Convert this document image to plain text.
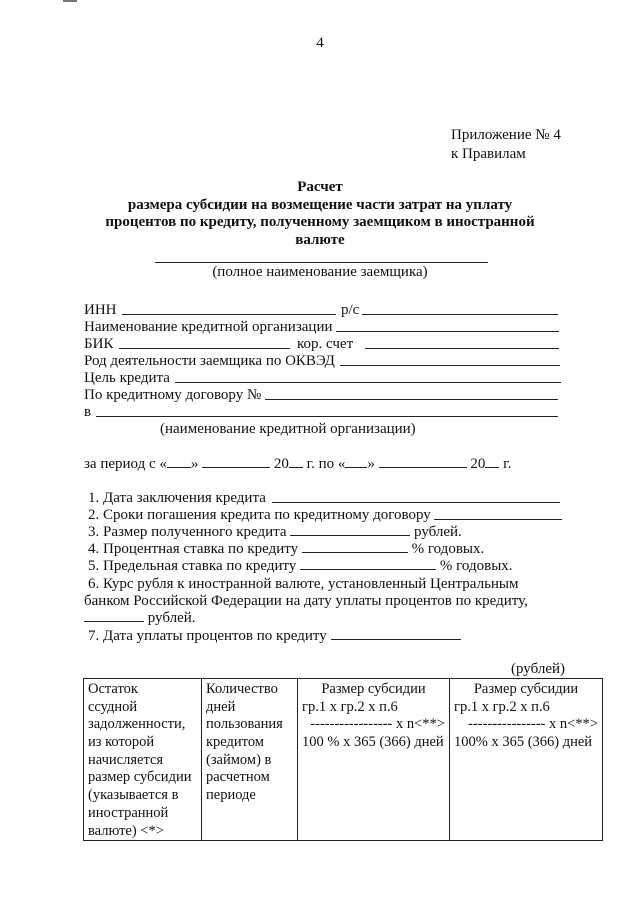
4
Приложение № 4
к Правилам
Расчет
размера субсидии на возмещение части затрат на уплату
процентов по кредиту, полученному заемщиком в иностранной
валюте
(полное наименование заемщика)
ИНН	р/с
Наименование кредитной организации
БИК	кор. счет
Род деятельности заемщика по ОКВЭД
Цель кредита
По кредитному договору №
в
(наименование кредитной организации)
за период с « »	20 г. по « »	20 г.
1. Дата заключения кредита
2. Сроки погашения кредита по кредитному договору
3. Размер полученного кредита	рублей.
4. Процентная ставка по кредиту	% годовых.
5. Предельная ставка по кредиту	% годовых.
6. Курс рубля к иностранной валюте, установленный Центральным
банком Российской Федерации на дату уплаты процентов по кредиту,
рублей.
7. Дата уплаты процентов по кредиту
(рублей)
Остаток
ссудной
задолженности,
из которой
начисляется
размер субсидии
(указывается в
иностранной
валюте) <*>

Количество
дней
пользования
кредитом
(займом) в
расчетном
периоде

Размер субсидии
гр.1 х гр.2 х п.6
----------------- х n<**>
100 % х 365 (366) дней

Размер субсидии
гр.1 х гр.2 х п.6
---------------- х n<**>
100% х 365 (366) дней
